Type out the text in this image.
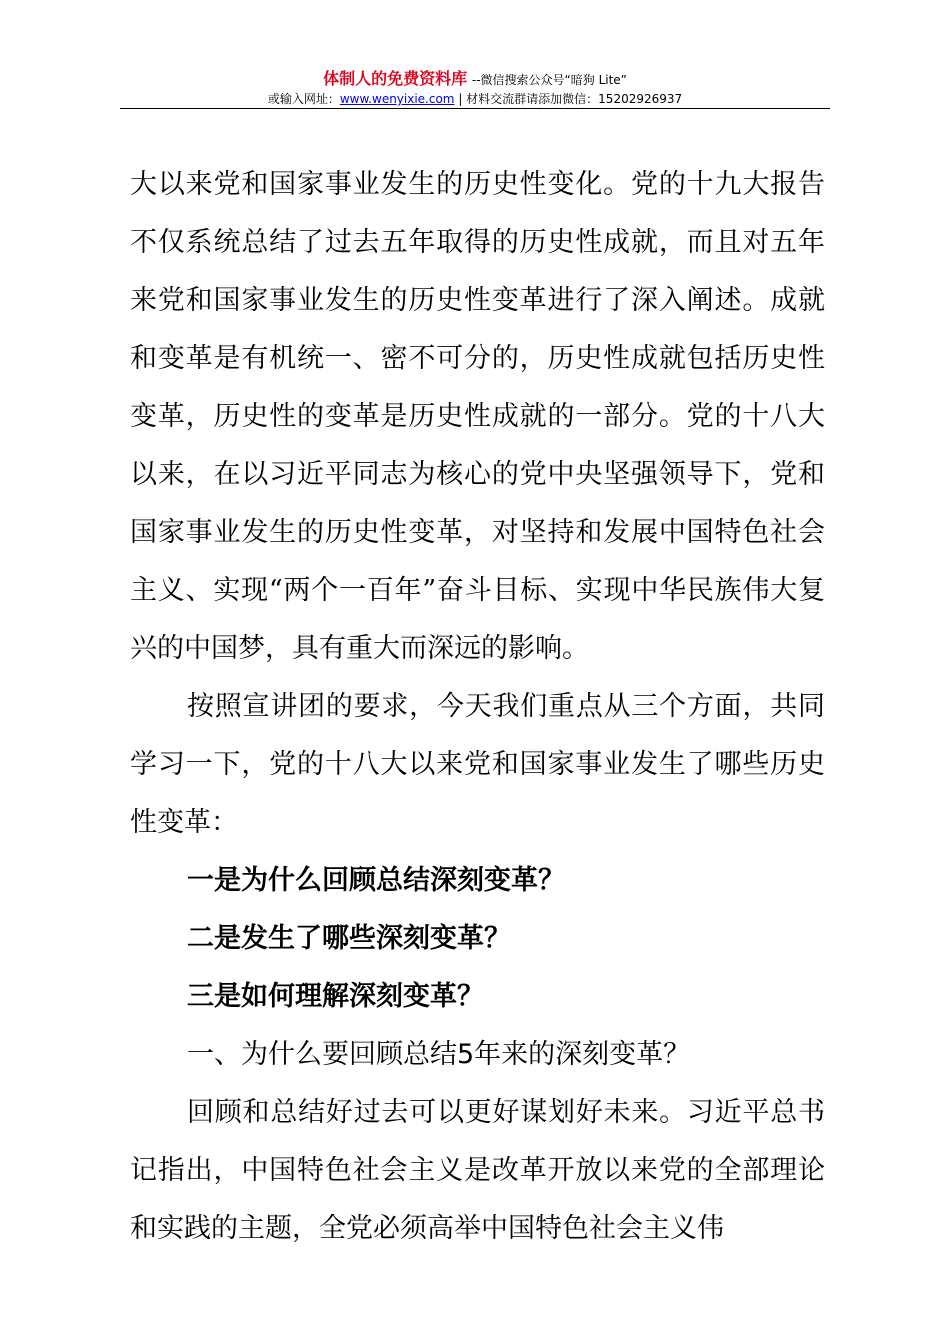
体制人的免费资料库 --微信搜索公众号“暗狗 Lite”
或输入网址：www.wenyixie.com | 材料交流群请添加微信：15202926937

大以来党和国家事业发生的历史性变化。党的十九大报告不仅系统总结了过去五年取得的历史性成就，而且对五年来党和国家事业发生的历史性变革进行了深入阐述。成就和变革是有机统一、密不可分的，历史性成就包括历史性变革，历史性的变革是历史性成就的一部分。党的十八大以来，在以习近平同志为核心的党中央坚强领导下，党和国家事业发生的历史性变革，对坚持和发展中国特色社会主义、实现“两个一百年”奋斗目标、实现中华民族伟大复兴的中国梦，具有重大而深远的影响。

按照宣讲团的要求，今天我们重点从三个方面，共同学习一下，党的十八大以来党和国家事业发生了哪些历史性变革：

一是为什么回顾总结深刻变革？

二是发生了哪些深刻变革？

三是如何理解深刻变革？

一、为什么要回顾总结5年来的深刻变革？

回顾和总结好过去可以更好谋划好未来。习近平总书记指出，中国特色社会主义是改革开放以来党的全部理论和实践的主题，全党必须高举中国特色社会主义伟
